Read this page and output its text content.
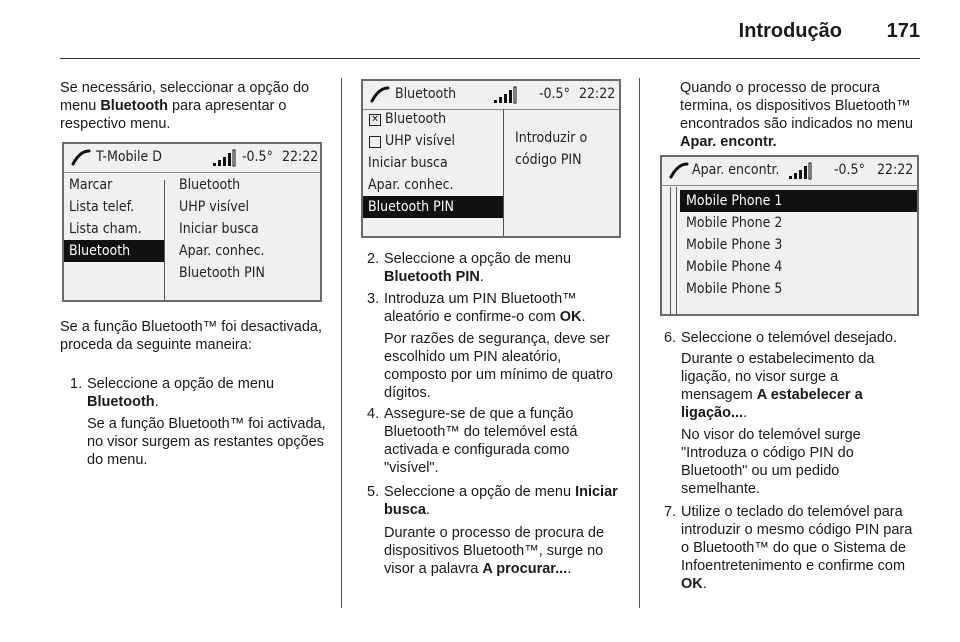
Introdução 171

Se necessário, seleccionar a opção do menu Bluetooth para apresentar o respectivo menu.

T-Mobile D	-0.5° 22:22
Marcar
Lista telef.
Lista cham.
Bluetooth
Bluetooth
UHP visível
Iniciar busca
Apar. conhec.
Bluetooth PIN

Se a função Bluetooth™ foi desactivada, proceda da seguinte maneira:

1. Seleccione a opção de menu Bluetooth.

Se a função Bluetooth™ foi activada, no visor surgem as restantes opções do menu.

Bluetooth	-0.5° 22:22
✕ Bluetooth
UHP visível
Iniciar busca
Apar. conhec.
Bluetooth PIN
Introduzir o
código PIN
2. Seleccione a opção de menu Bluetooth PIN.

3. Introduza um PIN Bluetooth™ aleatório e confirme-o com OK.

Por razões de segurança, deve ser escolhido um PIN aleatório, composto por um mínimo de quatro dígitos.

4. Assegure-se de que a função Bluetooth™ do telemóvel está activada e configurada como "visível".

5. Seleccione a opção de menu Iniciar busca.

Durante o processo de procura de dispositivos Bluetooth™, surge no visor a palavra A procurar....

Quando o processo de procura termina, os dispositivos Bluetooth™ encontrados são indicados no menu Apar. encontr.

Apar. encontr.	-0.5° 22:22
Mobile Phone 1
Mobile Phone 2
Mobile Phone 3
Mobile Phone 4
Mobile Phone 5
6. Seleccione o telemóvel desejado.

Durante o estabelecimento da ligação, no visor surge a mensagem A estabelecer a ligação....

No visor do telemóvel surge "Introduza o código PIN do Bluetooth" ou um pedido semelhante.

7. Utilize o teclado do telemóvel para introduzir o mesmo código PIN para o Bluetooth™ do que o Sistema de Infoentretenimento e confirme com OK.
